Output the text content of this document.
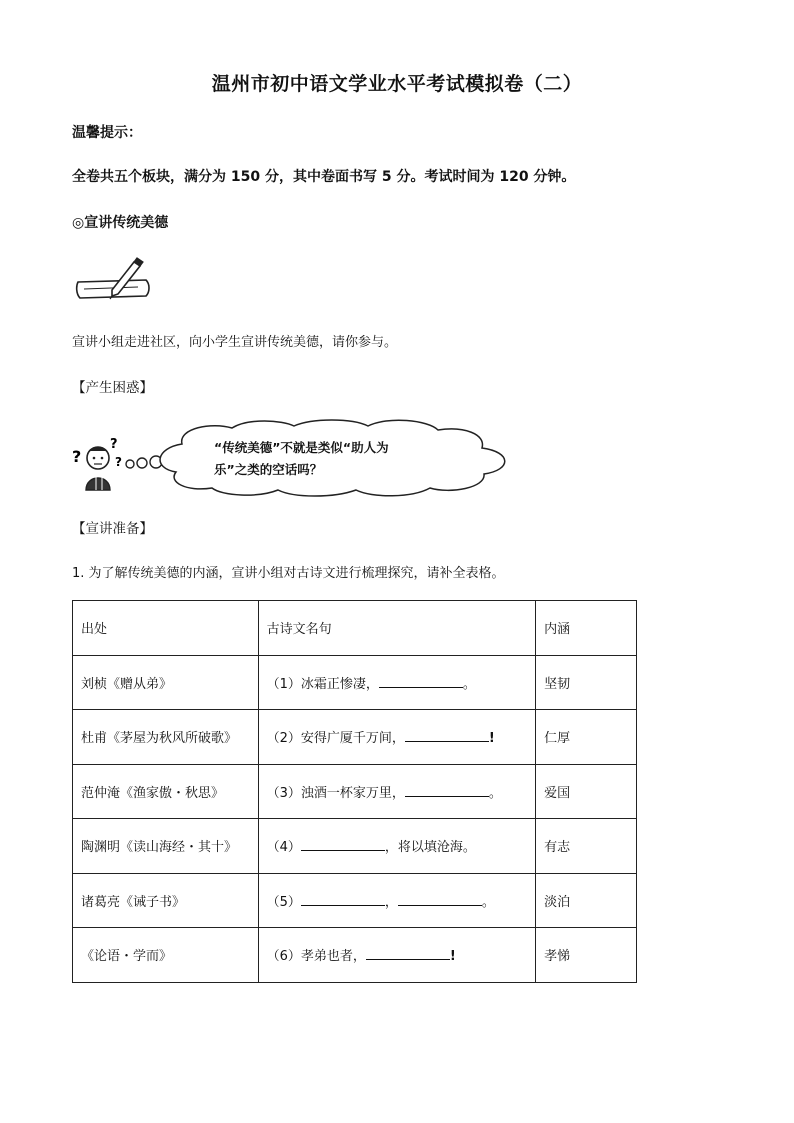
温州市初中语文学业水平考试模拟卷（二）
温馨提示：
全卷共五个板块，满分为 150 分，其中卷面书写 5 分。考试时间为 120 分钟。
◎宣讲传统美德
宣讲小组走进社区，向小学生宣讲传统美德，请你参与。
【产生困惑】
?
?
?
“传统美德”不就是类似“助人为
乐”之类的空话吗？
【宣讲准备】
1. 为了解传统美德的内涵，宣讲小组对古诗文进行梳理探究，请补全表格。
出处	古诗文名句	内涵
刘桢《赠从弟》	（1）冰霜正惨凄， 。	坚韧
杜甫《茅屋为秋风所破歌》	（2）安得广厦千万间， !	仁厚
范仲淹《渔家傲・秋思》	（3）浊酒一杯家万里， 。	爱国
陶渊明《读山海经・其十》	（4） ，将以填沧海。	有志
诸葛亮《诫子书》	（5） ， 。	淡泊
《论语・学而》	（6）孝弟也者， !	孝悌
